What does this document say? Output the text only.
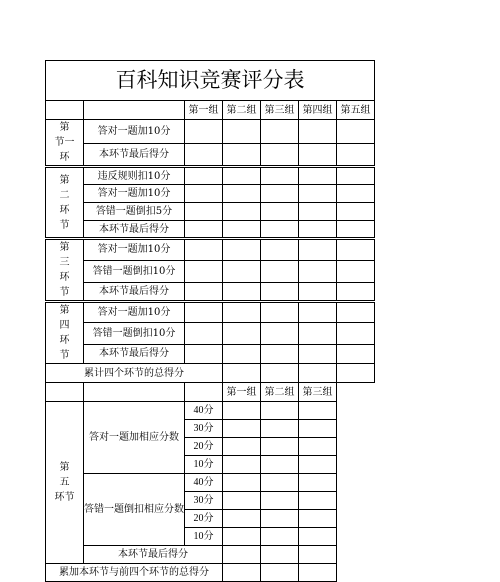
百科知识竞赛评分表						
		第一组	第二组	第三组	第四组	第五组

第
节一
环	答对一题加10分					
	本环节最后得分					

第
二
环
节	违反规则扣10分					
	答对一题加10分					
	答错一题倒扣5分					
	本环节最后得分					

第
三
环
节	答对一题加10分					
	答错一题倒扣10分					
	本环节最后得分					

第
四
环
节	答对一题加10分					
	答错一题倒扣10分					
	本环节最后得分					
累计四个环节的总得分						
			第一组	第二组	第三组	

第
五
环节	答对一题加相应分数	40分				
		30分				
		20分				
		10分				
	答错一题倒扣相应分数	40分				
		30分				
		20分				
		10分				
	本环节最后得分					
累加本环节与前四个环节的总得分						
